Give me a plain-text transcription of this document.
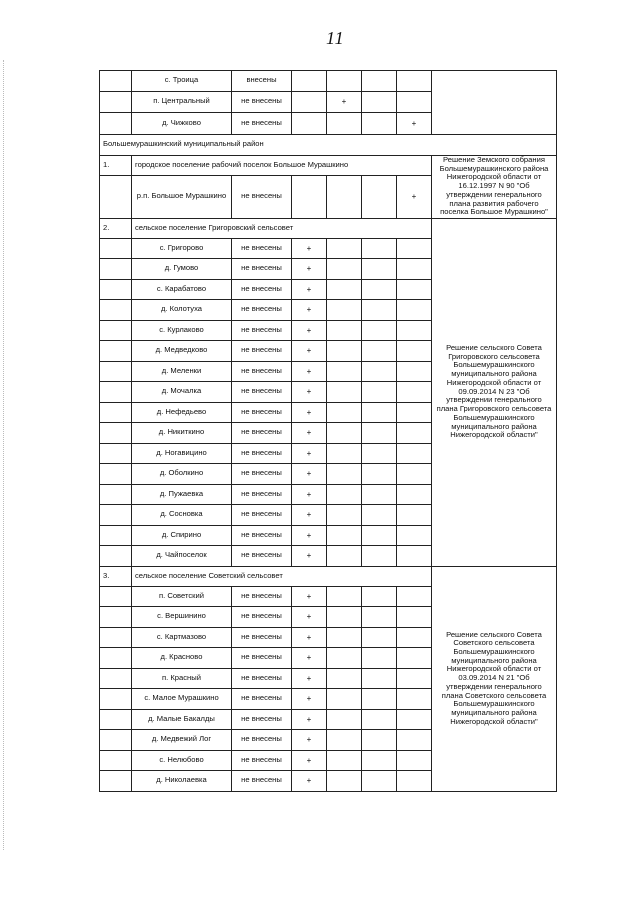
11
	с. Троица	внесены					
	п. Центральный	не внесены		+			
	д. Чижково	не внесены				+	
Большемурашкинский муниципальный район							
1.	городское поселение рабочий поселок Большое Мурашкино						Решение Земского собрания Большемурашкинского района Нижегородской области от 16.12.1997 N 90 "Об утверждении генерального плана развития рабочего поселка Большое Мурашкино"
	р.п. Большое Мурашкино	не внесены				+	
2.	сельское поселение Григоровский сельсовет						Решение сельского Совета Григоровского сельсовета Большемурашкинского муниципального района Нижегородской области от 09.09.2014 N 23 "Об утверждении генерального плана Григоровского сельсовета Большемурашкинского муниципального района Нижегородской области"
	с. Григорово	не внесены	+				
	д. Гумово	не внесены	+				
	с. Карабатово	не внесены	+				
	д. Колотуха	не внесены	+				
	с. Курлаково	не внесены	+				
	д. Медведково	не внесены	+				
	д. Меленки	не внесены	+				
	д. Мочалка	не внесены	+				
	д. Нефедьево	не внесены	+				
	д. Никиткино	не внесены	+				
	д. Ногавицино	не внесены	+				
	д. Оболкино	не внесены	+				
	д. Пужаевка	не внесены	+				
	д. Сосновка	не внесены	+				
	д. Спирино	не внесены	+				
	д. Чайпоселок	не внесены	+				
3.	сельское поселение Советский сельсовет						Решение сельского Совета Советского сельсовета Большемурашкинского муниципального района Нижегородской области от 03.09.2014 N 21 "Об утверждении генерального плана Советского сельсовета Большемурашкинского муниципального района Нижегородской области"
	п. Советский	не внесены	+				
	с. Вершинино	не внесены	+				
	с. Картмазово	не внесены	+				
	д. Красново	не внесены	+				
	п. Красный	не внесены	+				
	с. Малое Мурашкино	не внесены	+				
	д. Малые Бакалды	не внесены	+				
	д. Медвежий Лог	не внесены	+				
	с. Нелюбово	не внесены	+				
	д. Николаевка	не внесены	+				
